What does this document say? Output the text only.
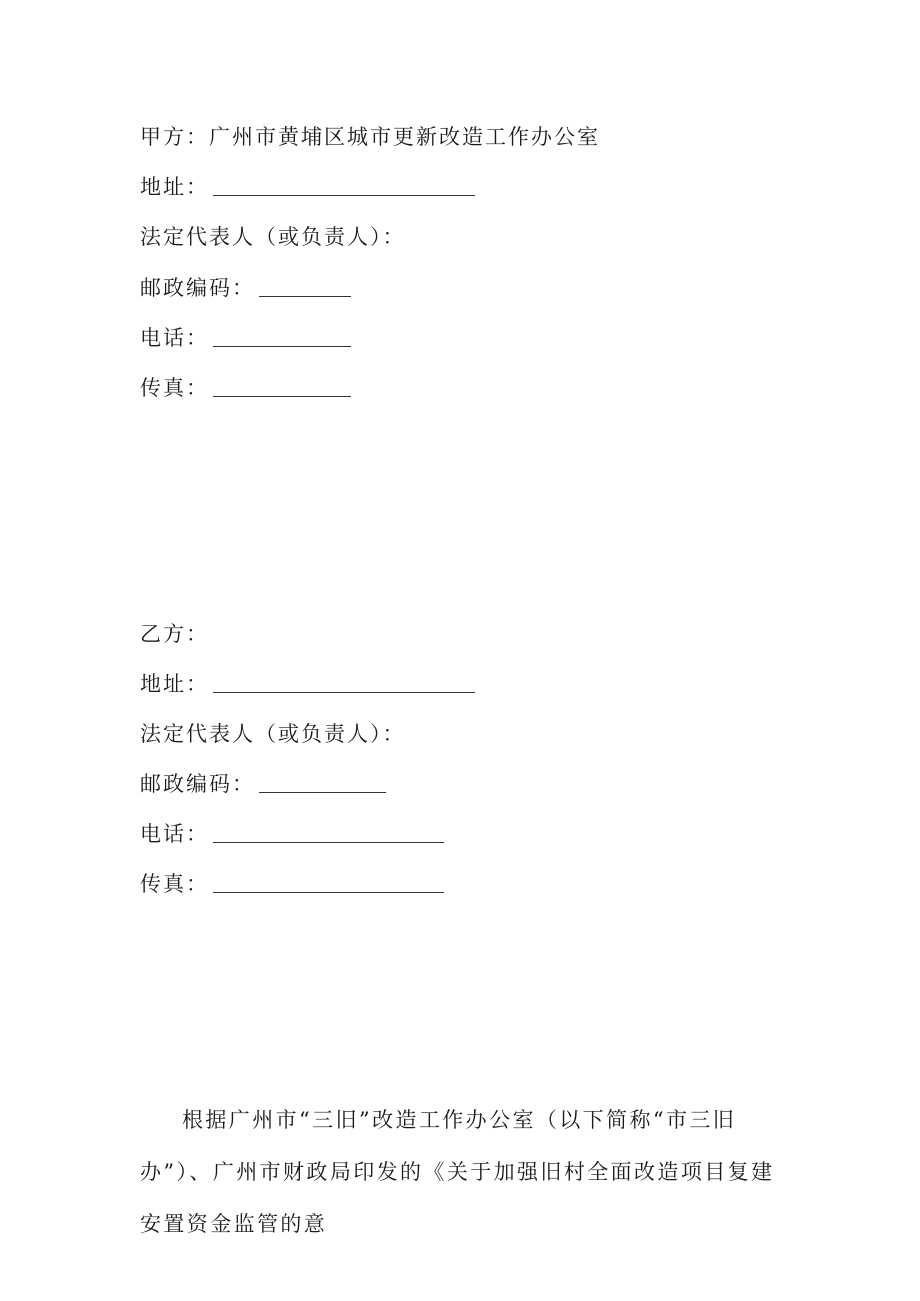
甲方：广州市黄埔区城市更新改造工作办公室
地址：
法定代表人（或负责人）：
邮政编码：
电话：
传真：
乙方：
地址：
法定代表人（或负责人）：
邮政编码：
电话：
传真：
根据广州市“三旧”改造工作办公室（以下简称“市三旧办”）、广州市财政局印发的《关于加强旧村全面改造项目复建安置资金监管的意
